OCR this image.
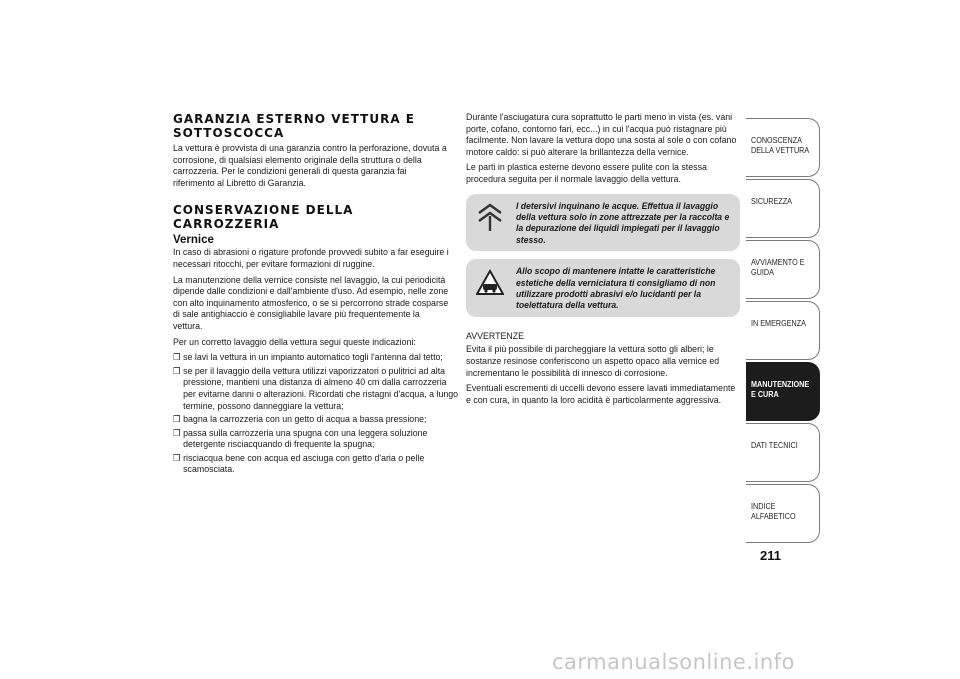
GARANZIA ESTERNO VETTURA E SOTTOSCOCCA

La vettura è provvista di una garanzia contro la perforazione, dovuta a corrosione, di qualsiasi elemento originale della struttura o della carrozzeria. Per le condizioni generali di questa garanzia fai riferimento al Libretto di Garanzia.

CONSERVAZIONE DELLA CARROZZERIA
Vernice

In caso di abrasioni o rigature profonde provvedi subito a far eseguire i necessari ritocchi, per evitare formazioni di ruggine.

La manutenzione della vernice consiste nel lavaggio, la cui periodicità dipende dalle condizioni e dall'ambiente d'uso. Ad esempio, nelle zone con alto inquinamento atmosferico, o se si percorrono strade cosparse di sale antighiaccio è consigliabile lavare più frequentemente la vettura.

Per un corretto lavaggio della vettura segui queste indicazioni:

❒ se lavi la vettura in un impianto automatico togli l'antenna dal tetto;
❒ se per il lavaggio della vettura utilizzi vaporizzatori o pulitrici ad alta pressione, mantieni una distanza di almeno 40 cm dalla carrozzeria per evitarne danni o alterazioni. Ricordati che ristagni d'acqua, a lungo termine, possono danneggiare la vettura;
❒ bagna la carrozzeria con un getto di acqua a bassa pressione;
❒ passa sulla carrozzeria una spugna con una leggera soluzione detergente risciacquando di frequente la spugna;
❒ risciacqua bene con acqua ed asciuga con getto d'aria o pelle scamosciata.

Durante l'asciugatura cura soprattutto le parti meno in vista (es. vani porte, cofano, contorno fari, ecc...) in cui l'acqua può ristagnare più facilmente. Non lavare la vettura dopo una sosta al sole o con cofano motore caldo: si può alterare la brillantezza della vernice.

Le parti in plastica esterne devono essere pulite con la stessa procedura seguita per il normale lavaggio della vettura.

I detersivi inquinano le acque. Effettua il lavaggio della vettura solo in zone attrezzate per la raccolta e la depurazione dei liquidi impiegati per il lavaggio stesso.

Allo scopo di mantenere intatte le caratteristiche estetiche della verniciatura ti consigliamo di non utilizzare prodotti abrasivi e/o lucidanti per la toelettatura della vettura.

AVVERTENZE

Evita il più possibile di parcheggiare la vettura sotto gli alberi; le sostanze resinose conferiscono un aspetto opaco alla vernice ed incrementano le possibilità di innesco di corrosione.

Eventuali escrementi di uccelli devono essere lavati immediatamente e con cura, in quanto la loro acidità è particolarmente aggressiva.

CONOSCENZA DELLA VETTURA
SICUREZZA
AVVIAMENTO E GUIDA
IN EMERGENZA
MANUTENZIONE E CURA
DATI TECNICI
INDICE ALFABETICO
211
carmanualsonline.info
